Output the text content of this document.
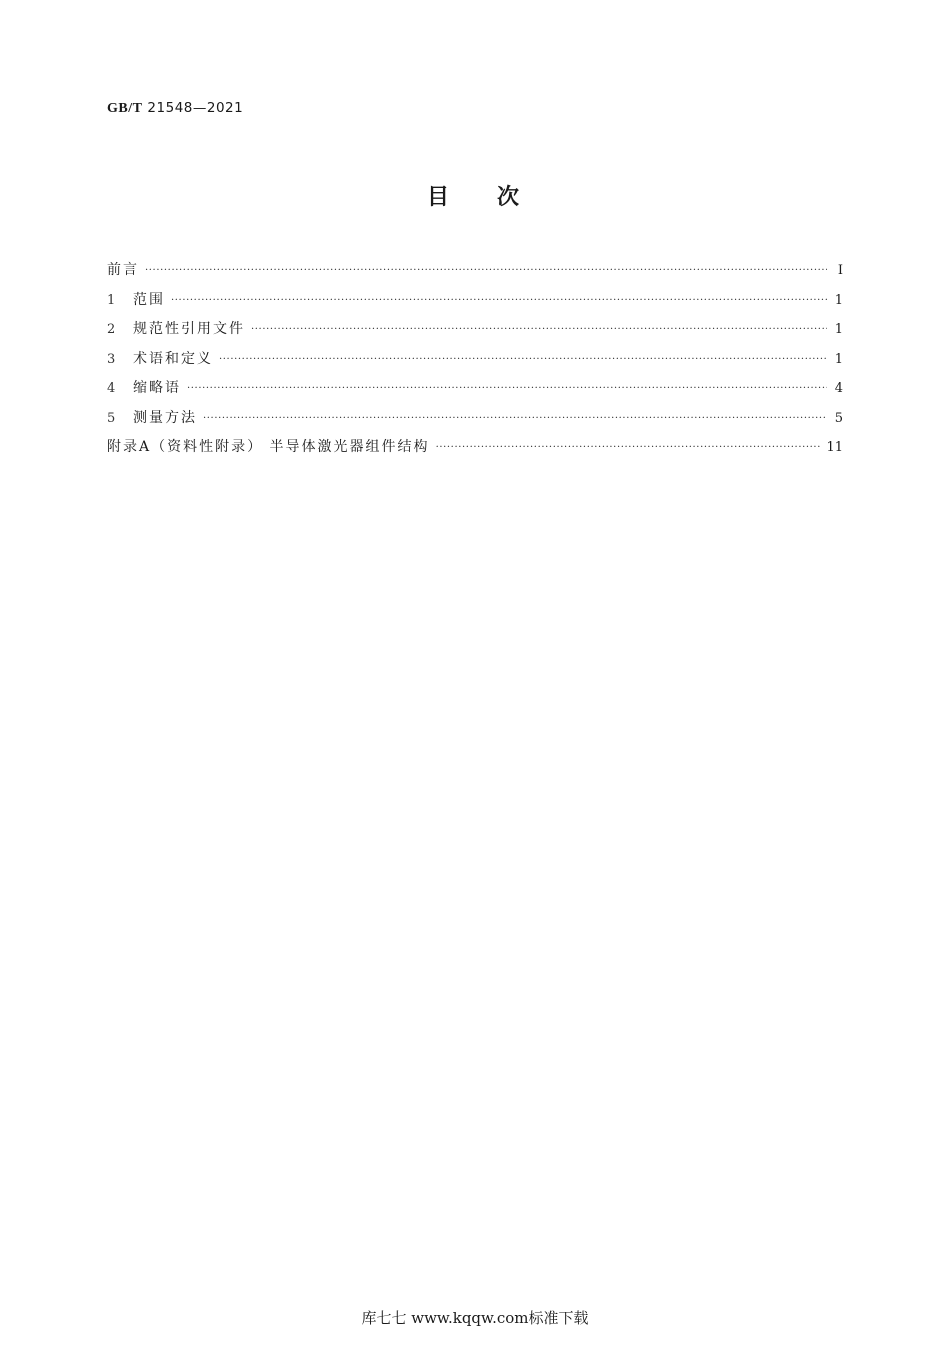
GB/T 21548—2021
目次
前言 ·····	Ⅰ
1	范围 ·····	1
2	规范性引用文件 ·····	1
3	术语和定义 ·····	1
4	缩略语 ·····	4
5	测量方法 ·····	5
附录A（资料性附录） 半导体激光器组件结构 ·····	11
库七七 www.kqqw.com标准下载
